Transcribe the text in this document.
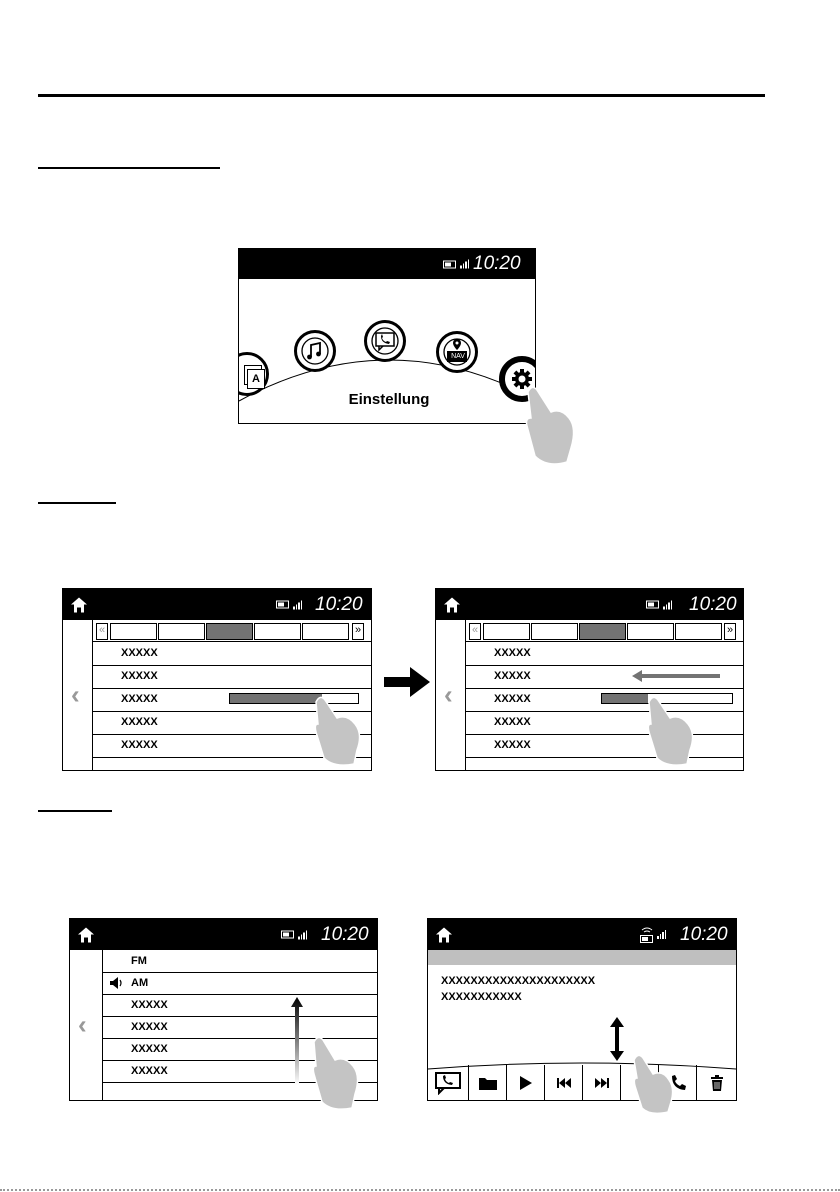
10:20
A
NAV
Einstellung
10:20
‹
«	»
XXXXX
XXXXX
XXXXX
XXXXX
XXXXX
10:20
‹
«	»
XXXXX
XXXXX
XXXXX
XXXXX
XXXXX
10:20
‹
FM
AM
XXXXX
XXXXX
XXXXX
XXXXX
10:20
XXXXXXXXXXXXXXXXXXXXX
XXXXXXXXXXX
